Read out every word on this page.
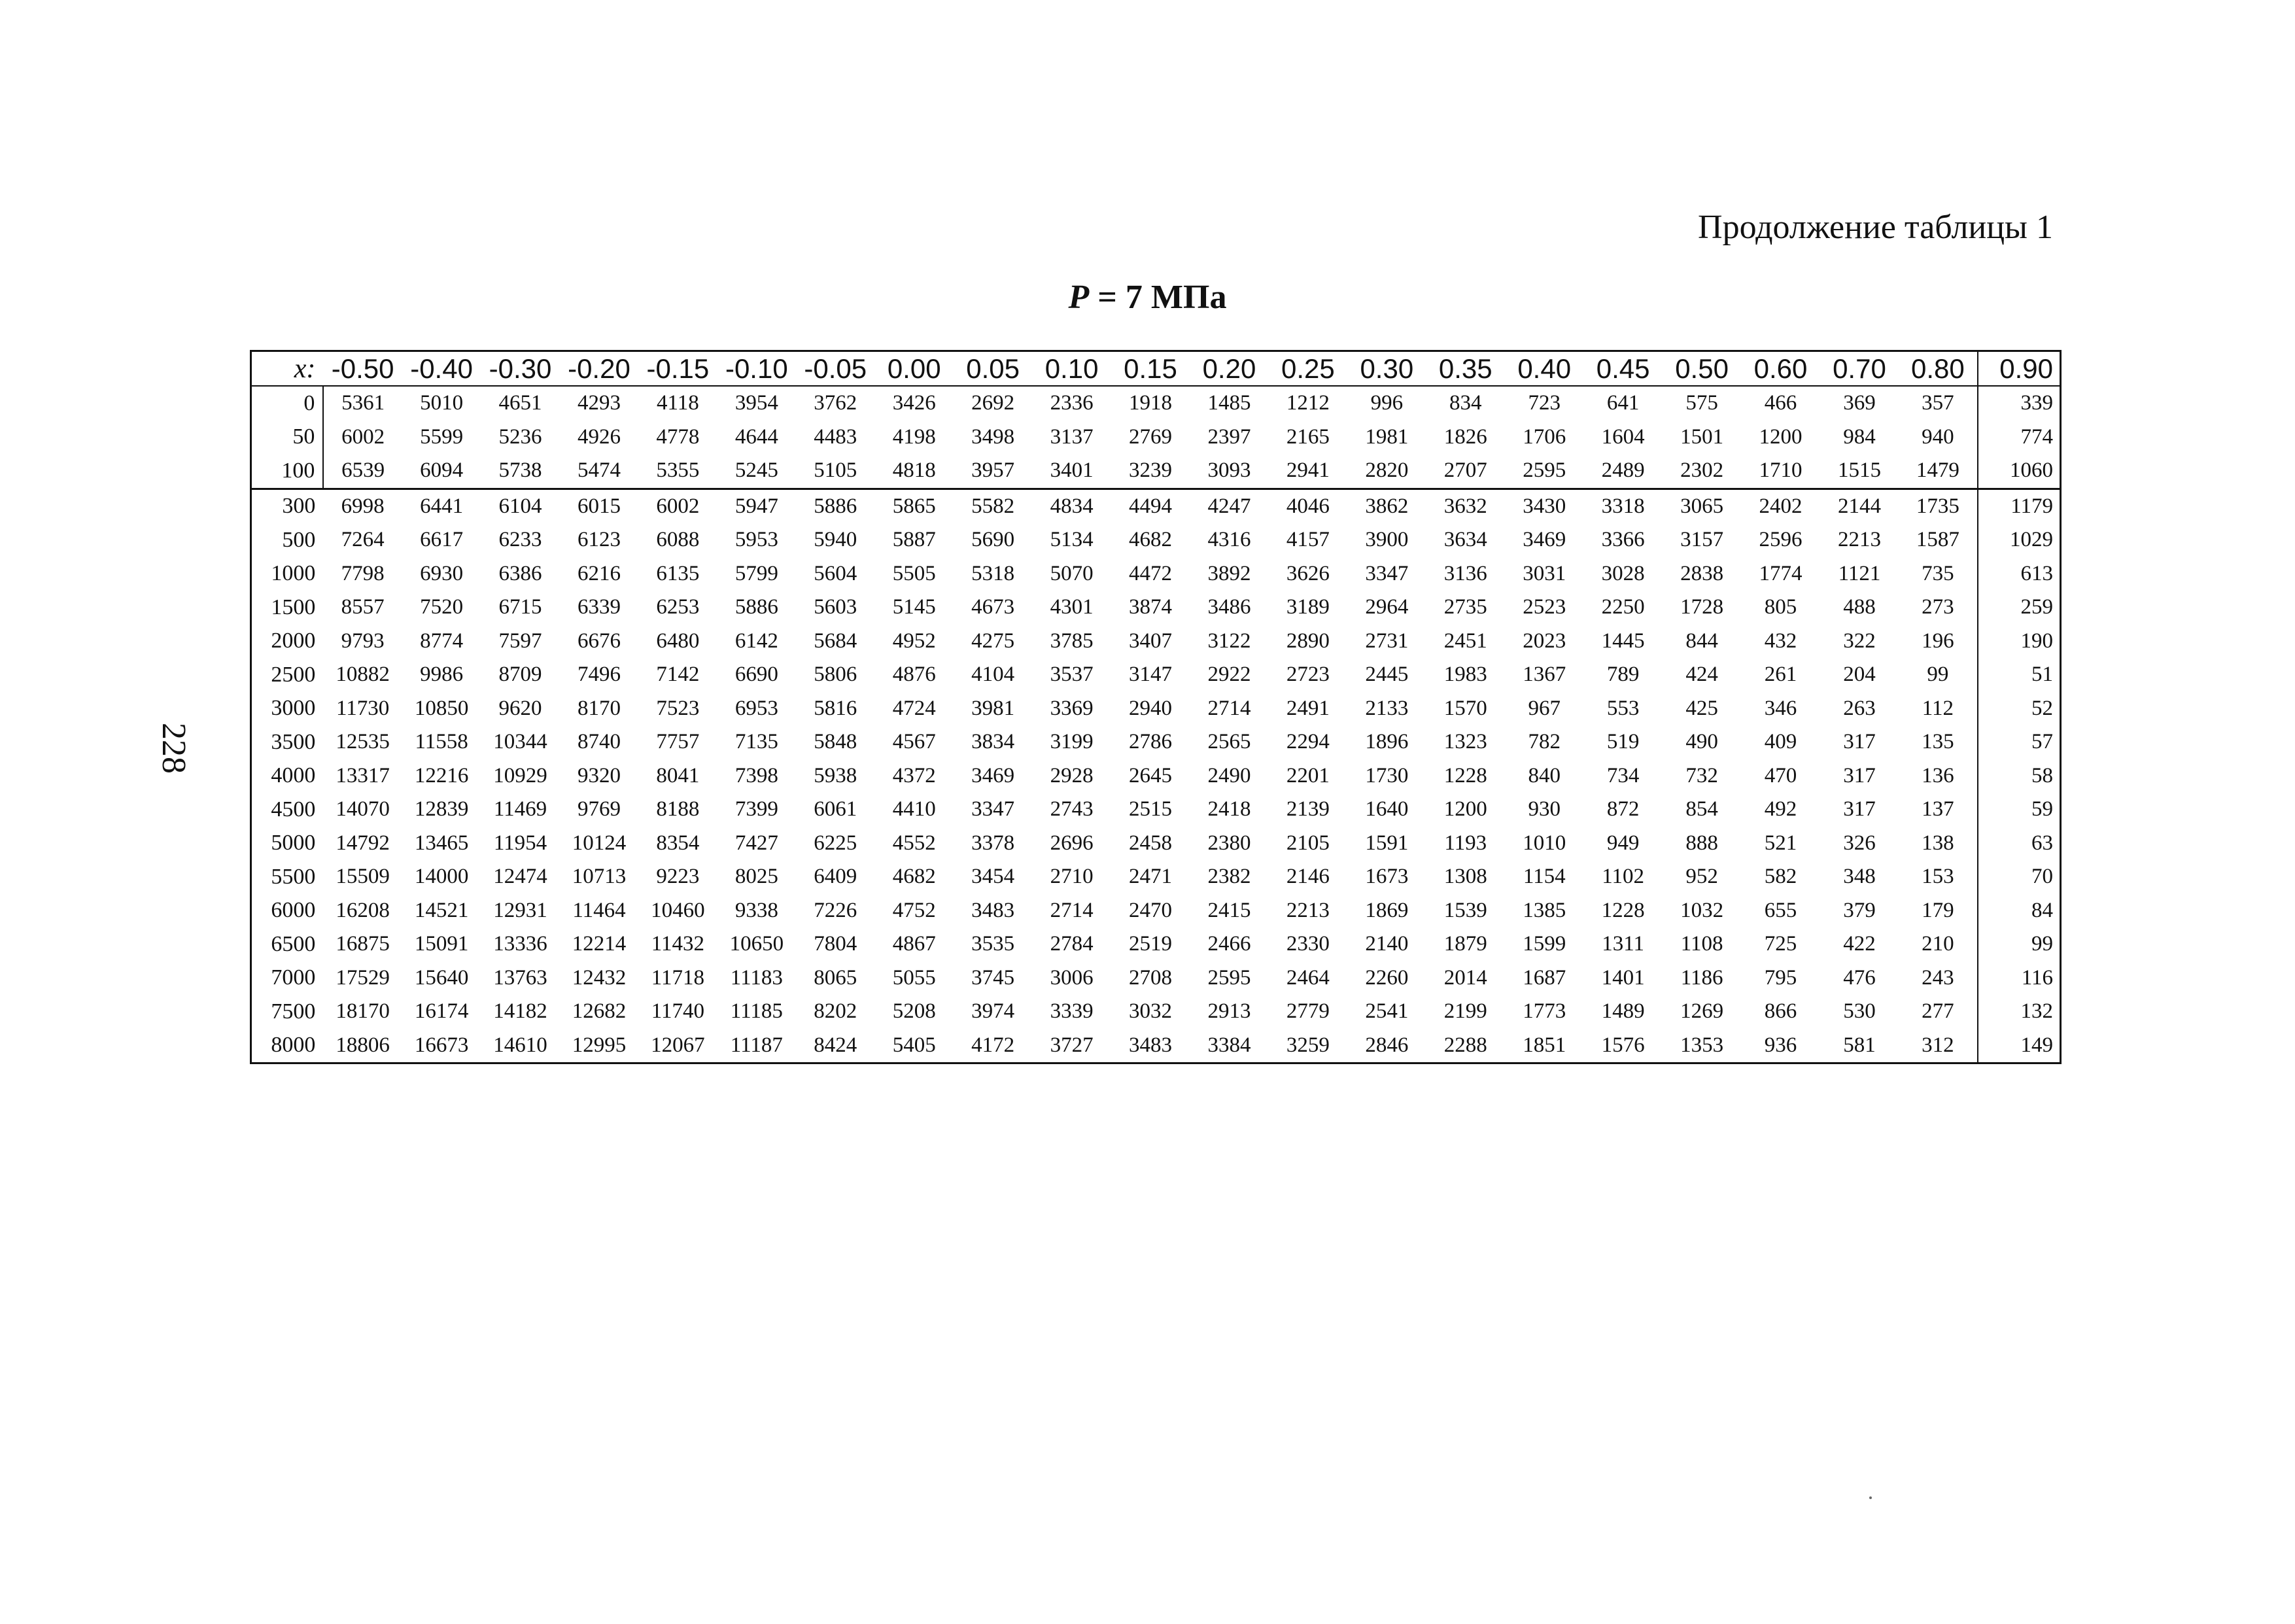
Продолжение таблицы 1
P = 7 МПа
228
x:	-0.50	-0.40	-0.30	-0.20	-0.15	-0.10	-0.05	0.00	0.05	0.10	0.15	0.20	0.25	0.30	0.35	0.40	0.45	0.50	0.60	0.70	0.80	0.90
0	5361	5010	4651	4293	4118	3954	3762	3426	2692	2336	1918	1485	1212	996	834	723	641	575	466	369	357	339
50	6002	5599	5236	4926	4778	4644	4483	4198	3498	3137	2769	2397	2165	1981	1826	1706	1604	1501	1200	984	940	774
100	6539	6094	5738	5474	5355	5245	5105	4818	3957	3401	3239	3093	2941	2820	2707	2595	2489	2302	1710	1515	1479	1060
300	6998	6441	6104	6015	6002	5947	5886	5865	5582	4834	4494	4247	4046	3862	3632	3430	3318	3065	2402	2144	1735	1179
500	7264	6617	6233	6123	6088	5953	5940	5887	5690	5134	4682	4316	4157	3900	3634	3469	3366	3157	2596	2213	1587	1029
1000	7798	6930	6386	6216	6135	5799	5604	5505	5318	5070	4472	3892	3626	3347	3136	3031	3028	2838	1774	1121	735	613
1500	8557	7520	6715	6339	6253	5886	5603	5145	4673	4301	3874	3486	3189	2964	2735	2523	2250	1728	805	488	273	259
2000	9793	8774	7597	6676	6480	6142	5684	4952	4275	3785	3407	3122	2890	2731	2451	2023	1445	844	432	322	196	190
2500	10882	9986	8709	7496	7142	6690	5806	4876	4104	3537	3147	2922	2723	2445	1983	1367	789	424	261	204	99	51
3000	11730	10850	9620	8170	7523	6953	5816	4724	3981	3369	2940	2714	2491	2133	1570	967	553	425	346	263	112	52
3500	12535	11558	10344	8740	7757	7135	5848	4567	3834	3199	2786	2565	2294	1896	1323	782	519	490	409	317	135	57
4000	13317	12216	10929	9320	8041	7398	5938	4372	3469	2928	2645	2490	2201	1730	1228	840	734	732	470	317	136	58
4500	14070	12839	11469	9769	8188	7399	6061	4410	3347	2743	2515	2418	2139	1640	1200	930	872	854	492	317	137	59
5000	14792	13465	11954	10124	8354	7427	6225	4552	3378	2696	2458	2380	2105	1591	1193	1010	949	888	521	326	138	63
5500	15509	14000	12474	10713	9223	8025	6409	4682	3454	2710	2471	2382	2146	1673	1308	1154	1102	952	582	348	153	70
6000	16208	14521	12931	11464	10460	9338	7226	4752	3483	2714	2470	2415	2213	1869	1539	1385	1228	1032	655	379	179	84
6500	16875	15091	13336	12214	11432	10650	7804	4867	3535	2784	2519	2466	2330	2140	1879	1599	1311	1108	725	422	210	99
7000	17529	15640	13763	12432	11718	11183	8065	5055	3745	3006	2708	2595	2464	2260	2014	1687	1401	1186	795	476	243	116
7500	18170	16174	14182	12682	11740	11185	8202	5208	3974	3339	3032	2913	2779	2541	2199	1773	1489	1269	866	530	277	132
8000	18806	16673	14610	12995	12067	11187	8424	5405	4172	3727	3483	3384	3259	2846	2288	1851	1576	1353	936	581	312	149
